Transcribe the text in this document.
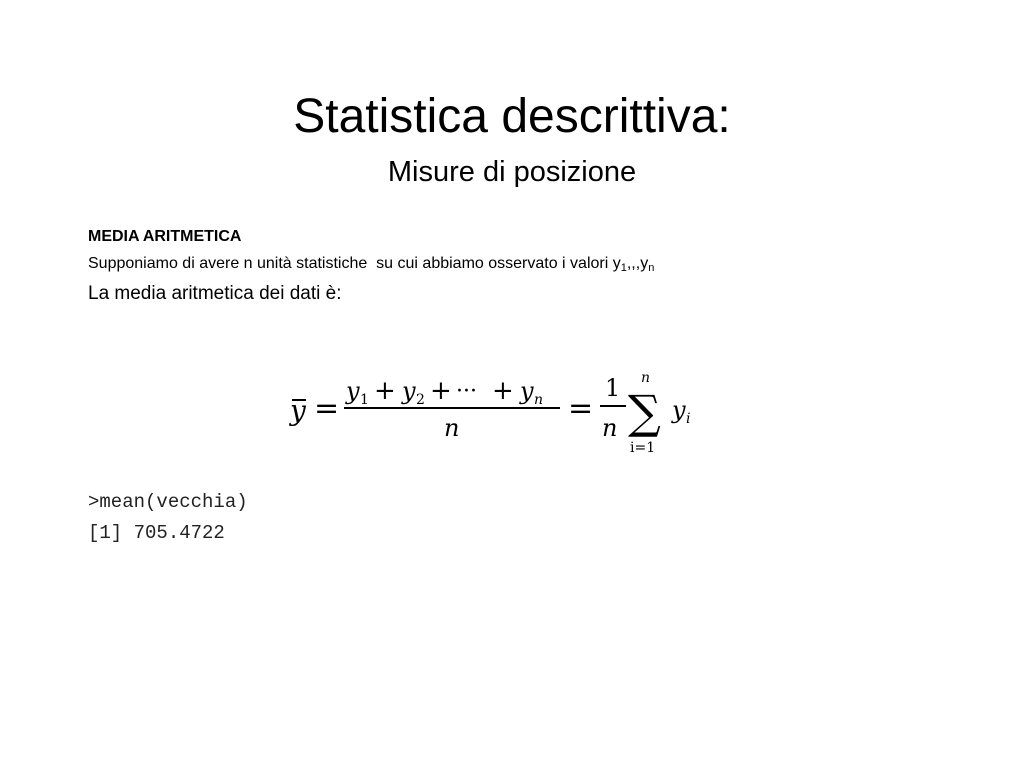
Statistica descrittiva:
Misure di posizione
MEDIA ARITMETICA
Supponiamo di avere n unità statistiche  su cui abbiamo osservato i valori $y_1,,,y_n$
La media aritmetica dei dati è:
y = y 1 + y 2 + ··· + y n
n
=
1
n
n
∑
i=1
y i
>mean(vecchia)
[1] 705.4722
